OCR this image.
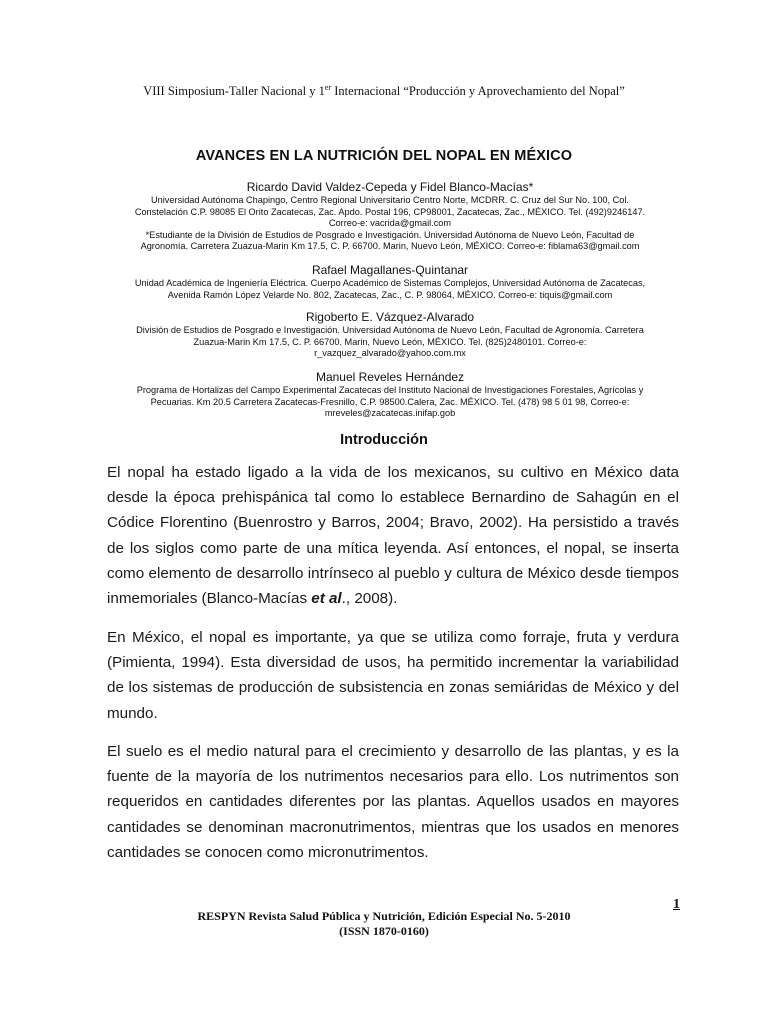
VIII Simposium-Taller Nacional y 1er Internacional “Producción y Aprovechamiento del Nopal”
AVANCES EN LA NUTRICIÓN DEL NOPAL EN MÉXICO
Ricardo David Valdez-Cepeda y Fidel Blanco-Macías*
Universidad Autónoma Chapingo, Centro Regional Universitario Centro Norte, MCDRR. C. Cruz del Sur No. 100, Col.
Constelación C.P. 98085 El Orito Zacatecas, Zac. Apdo. Postal 196, CP98001, Zacatecas, Zac., MÉXICO. Tel. (492)9246147.
Correo-e: vacrida@gmail.com
*Estudiante de la División de Estudios de Posgrado e Investigación. Universidad Autónoma de Nuevo León, Facultad de
Agronomía. Carretera Zuazua-Marin Km 17.5, C. P. 66700. Marin, Nuevo León, MÉXICO. Correo-e: fiblama63@gmail.com
Rafael Magallanes-Quintanar
Unidad Académica de Ingeniería Eléctrica. Cuerpo Académico de Sistemas Complejos, Universidad Autónoma de Zacatecas,
Avenida Ramón López Velarde No. 802, Zacatecas, Zac., C. P. 98064, MÉXICO. Correo-e: tiquis@gmail.com
Rigoberto E. Vázquez-Alvarado
División de Estudios de Posgrado e Investigación. Universidad Autónoma de Nuevo León, Facultad de Agronomía. Carretera
Zuazua-Marin Km 17.5, C. P. 66700. Marin, Nuevo León, MÉXICO. Tel. (825)2480101. Correo-e:
r_vazquez_alvarado@yahoo.com.mx
Manuel Reveles Hernández
Programa de Hortalizas del Campo Experimental Zacatecas del Instituto Nacional de Investigaciones Forestales, Agrícolas y
Pecuarias. Km 20.5 Carretera Zacatecas-Fresnillo, C.P. 98500.Calera, Zac. MÉXICO. Tel. (478) 98 5 01 98, Correo-e:
mreveles@zacatecas.inifap.gob
Introducción
El nopal ha estado ligado a la vida de los mexicanos, su cultivo en México data desde la época prehispánica tal como lo establece Bernardino de Sahagún en el Códice Florentino (Buenrostro y Barros, 2004; Bravo, 2002). Ha persistido a través de los siglos como parte de una mítica leyenda. Así entonces, el nopal, se inserta como elemento de desarrollo intrínseco al pueblo y cultura de México desde tiempos inmemoriales (Blanco-Macías et al., 2008).
En México, el nopal es importante, ya que se utiliza como forraje, fruta y verdura (Pimienta, 1994). Esta diversidad de usos, ha permitido incrementar la variabilidad de los sistemas de producción de subsistencia en zonas semiáridas de México y del mundo.
El suelo es el medio natural para el crecimiento y desarrollo de las plantas, y es la fuente de la mayoría de los nutrimentos necesarios para ello. Los nutrimentos son requeridos en cantidades diferentes por las plantas. Aquellos usados en mayores cantidades se denominan macronutrimentos, mientras que los usados en menores cantidades se conocen como micronutrimentos.
1
RESPYN Revista Salud Pública y Nutrición, Edición Especial No. 5-2010
(ISSN 1870-0160)
